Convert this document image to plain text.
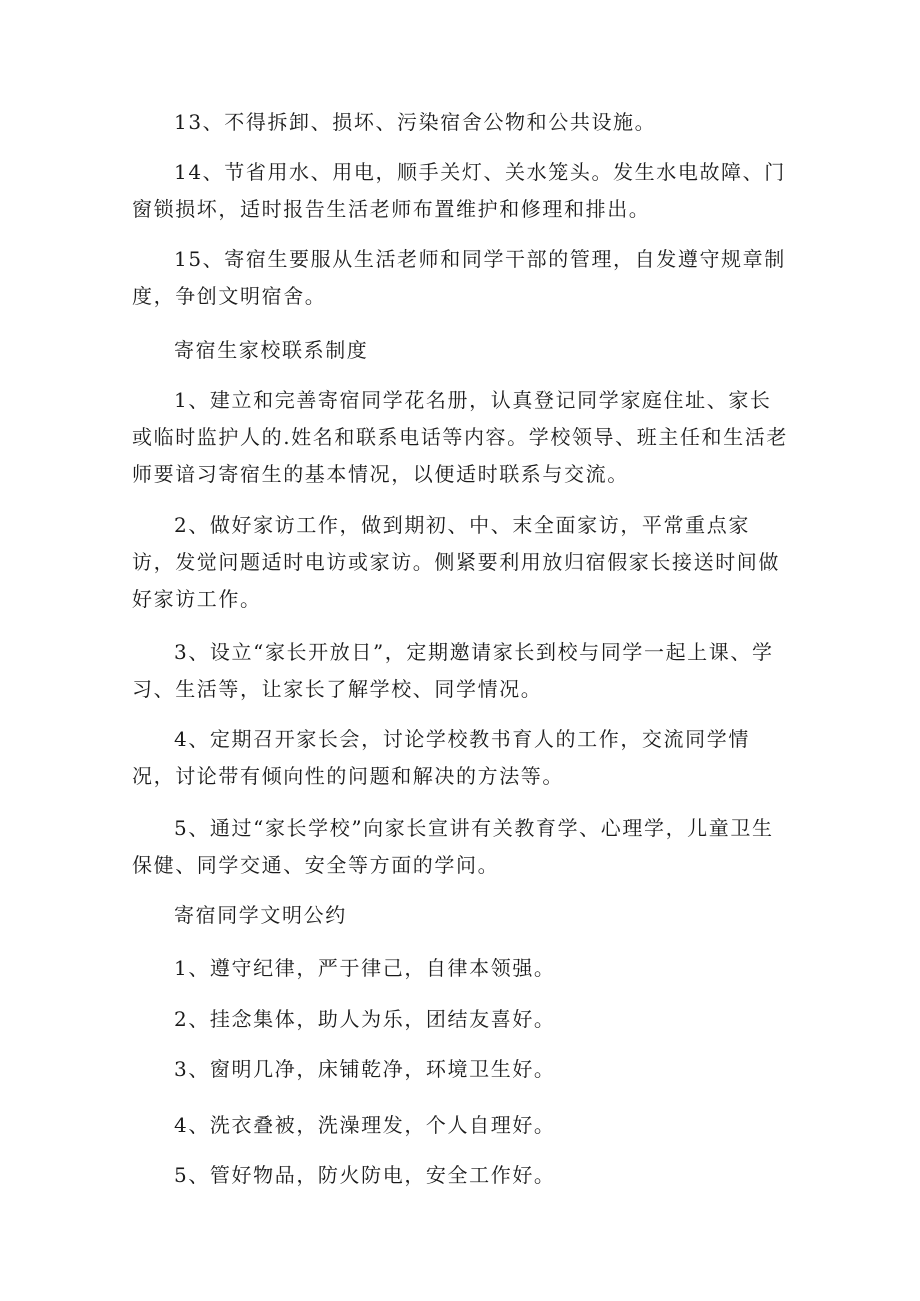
13、不得拆卸、损坏、污染宿舍公物和公共设施。

14、节省用水、用电，顺手关灯、关水笼头。发生水电故障、门窗锁损坏，适时报告生活老师布置维护和修理和排出。

15、寄宿生要服从生活老师和同学干部的管理，自发遵守规章制度，争创文明宿舍。

寄宿生家校联系制度

1、建立和完善寄宿同学花名册，认真登记同学家庭住址、家长或临时监护人的.姓名和联系电话等内容。学校领导、班主任和生活老师要谙习寄宿生的基本情况，以便适时联系与交流。

2、做好家访工作，做到期初、中、末全面家访，平常重点家访，发觉问题适时电访或家访。侧紧要利用放归宿假家长接送时间做好家访工作。

3、设立“家长开放日”，定期邀请家长到校与同学一起上课、学习、生活等，让家长了解学校、同学情况。

4、定期召开家长会，讨论学校教书育人的工作，交流同学情况，讨论带有倾向性的问题和解决的方法等。

5、通过“家长学校”向家长宣讲有关教育学、心理学，儿童卫生保健、同学交通、安全等方面的学问。

寄宿同学文明公约

1、遵守纪律，严于律己，自律本领强。

2、挂念集体，助人为乐，团结友喜好。

3、窗明几净，床铺乾净，环境卫生好。

4、洗衣叠被，洗澡理发，个人自理好。

5、管好物品，防火防电，安全工作好。
